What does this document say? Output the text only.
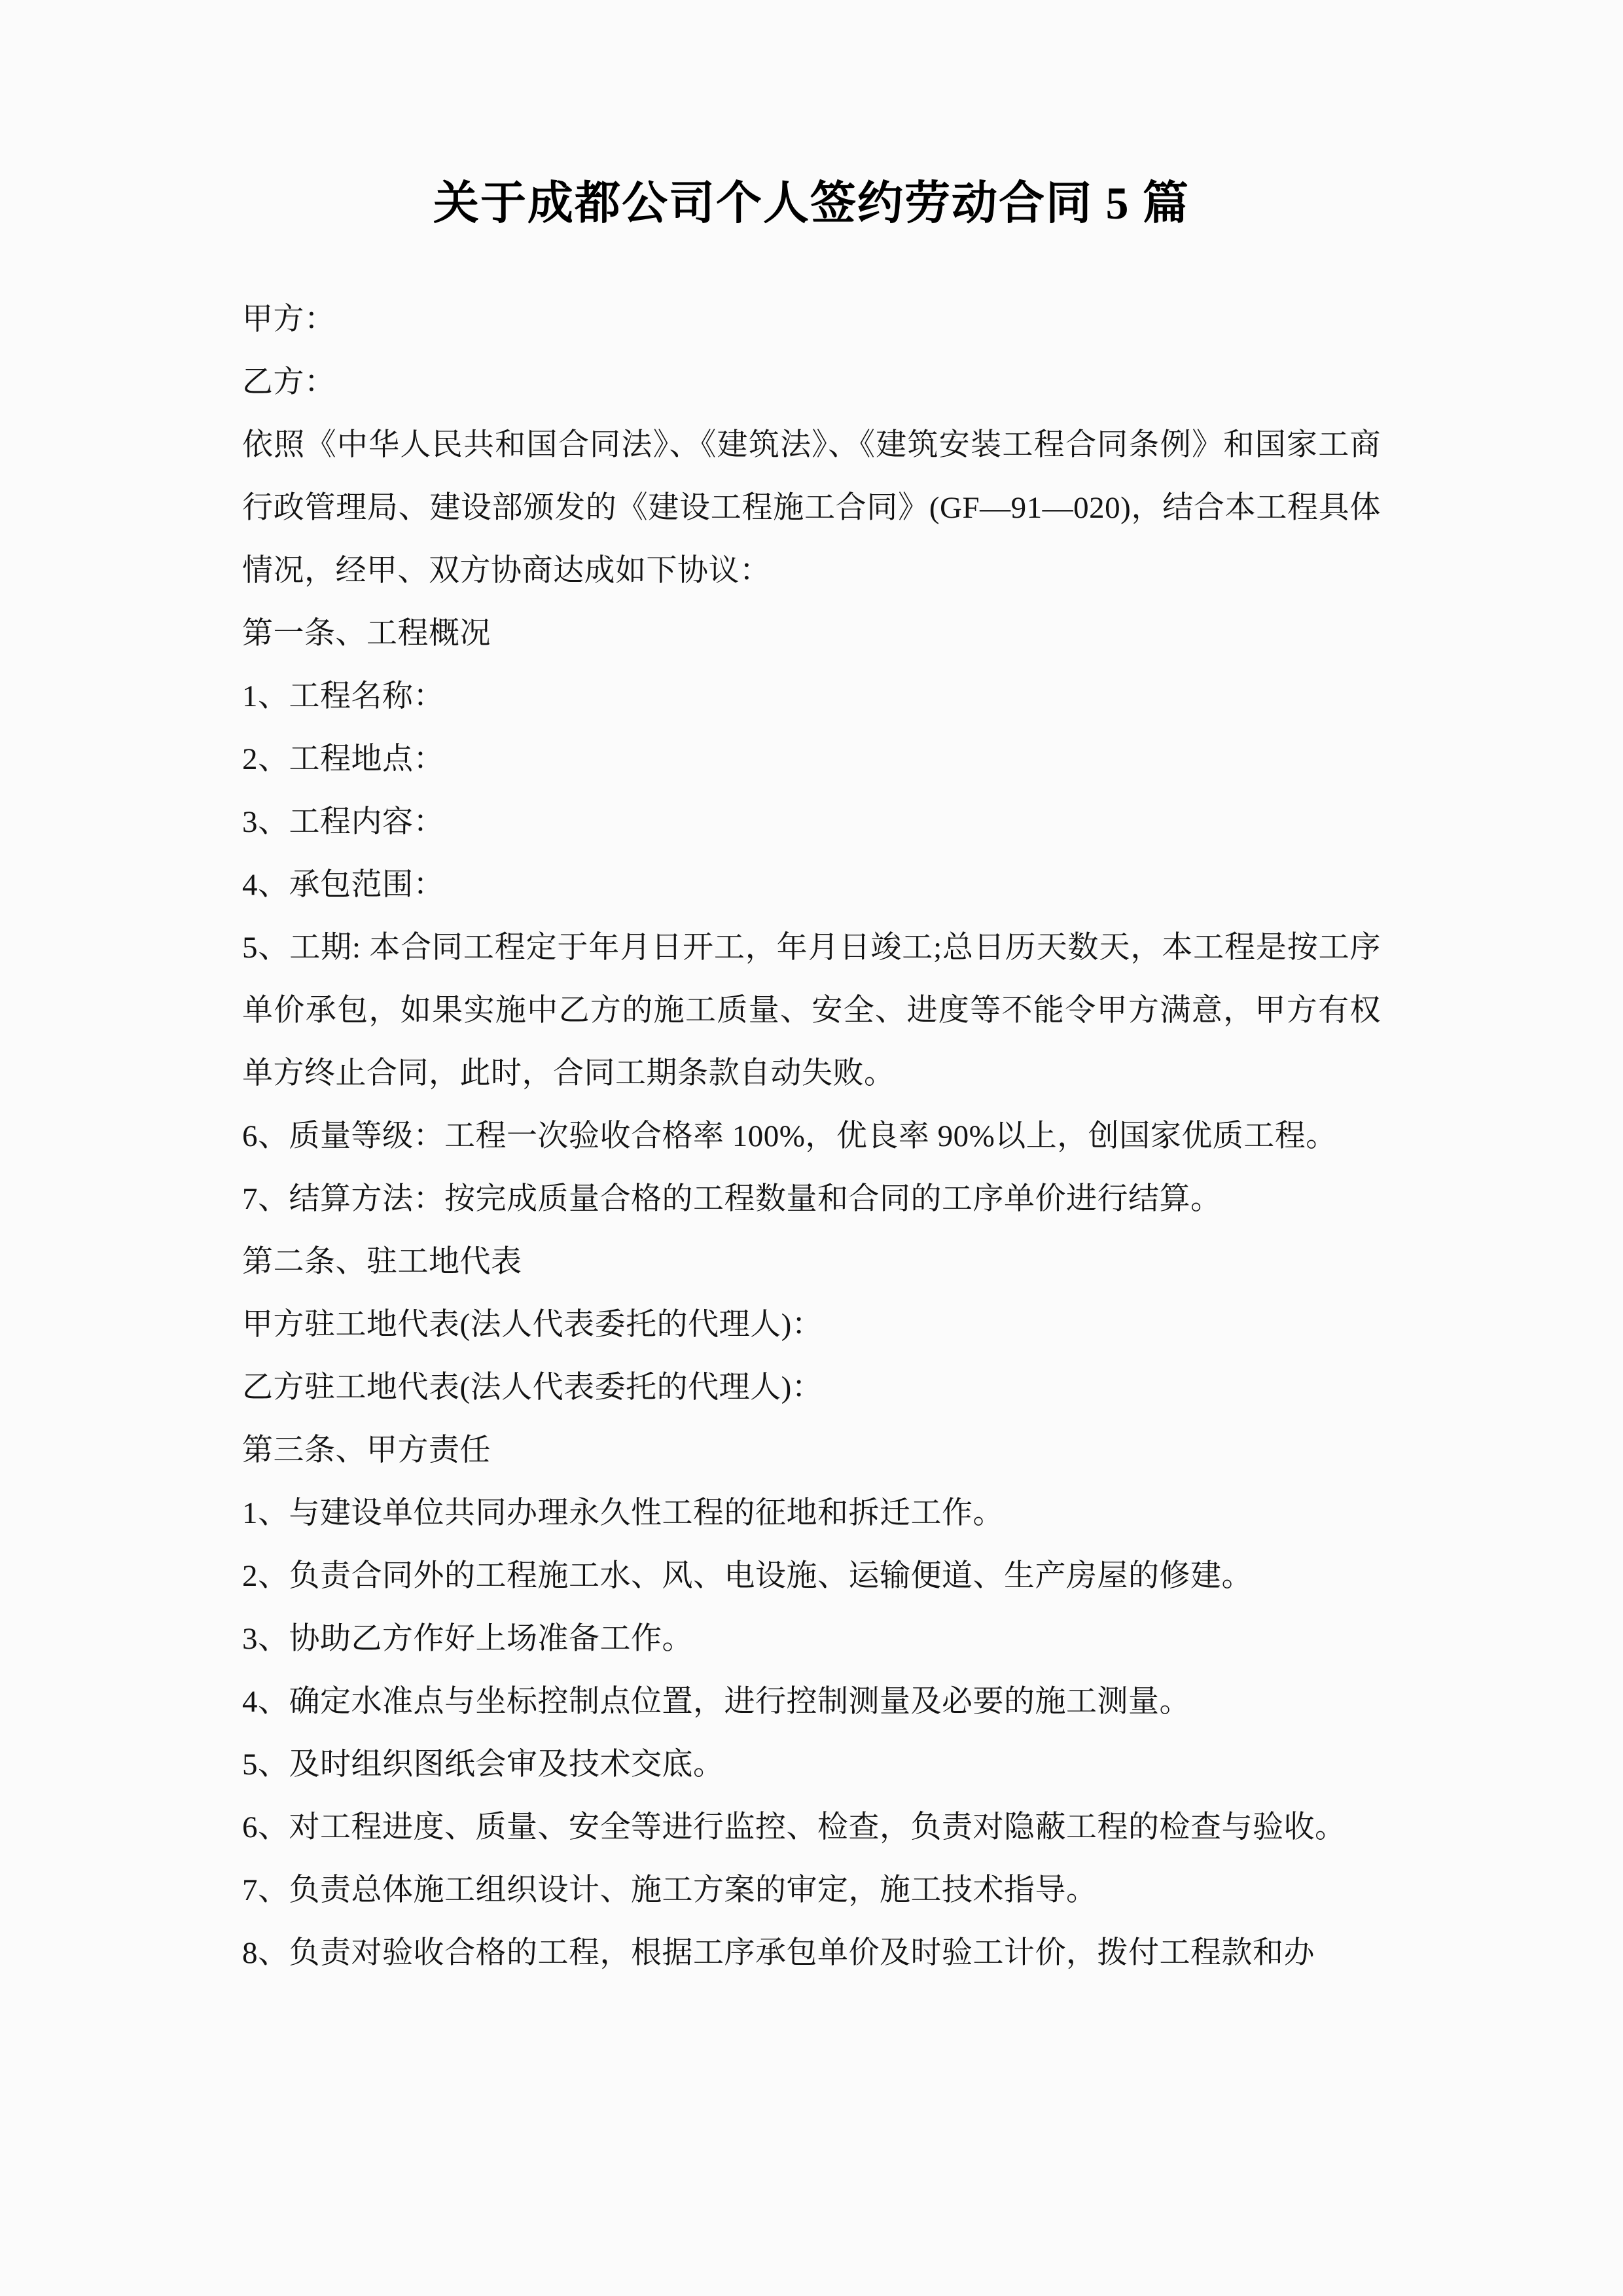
关于成都公司个人签约劳动合同 5 篇

甲方：

乙方：

依照《中华人民共和国合同法》、《建筑法》、《建筑安装工程合同条例》和国家工商行政管理局、建设部颁发的《建设工程施工合同》(GF—91—020)，结合本工程具体情况，经甲、双方协商达成如下协议：

第一条、工程概况

1、工程名称：

2、工程地点：

3、工程内容：

4、承包范围：

5、工期: 本合同工程定于年月日开工，年月日竣工;总日历天数天，本工程是按工序单价承包，如果实施中乙方的施工质量、安全、进度等不能令甲方满意，甲方有权单方终止合同，此时，合同工期条款自动失败。

6、质量等级：工程一次验收合格率 100%，优良率 90%以上，创国家优质工程。

7、结算方法：按完成质量合格的工程数量和合同的工序单价进行结算。

第二条、驻工地代表

甲方驻工地代表(法人代表委托的代理人)：

乙方驻工地代表(法人代表委托的代理人)：

第三条、甲方责任

1、与建设单位共同办理永久性工程的征地和拆迁工作。

2、负责合同外的工程施工水、风、电设施、运输便道、生产房屋的修建。

3、协助乙方作好上场准备工作。

4、确定水准点与坐标控制点位置，进行控制测量及必要的施工测量。

5、及时组织图纸会审及技术交底。

6、对工程进度、质量、安全等进行监控、检查，负责对隐蔽工程的检查与验收。

7、负责总体施工组织设计、施工方案的审定，施工技术指导。

8、负责对验收合格的工程，根据工序承包单价及时验工计价，拨付工程款和办
